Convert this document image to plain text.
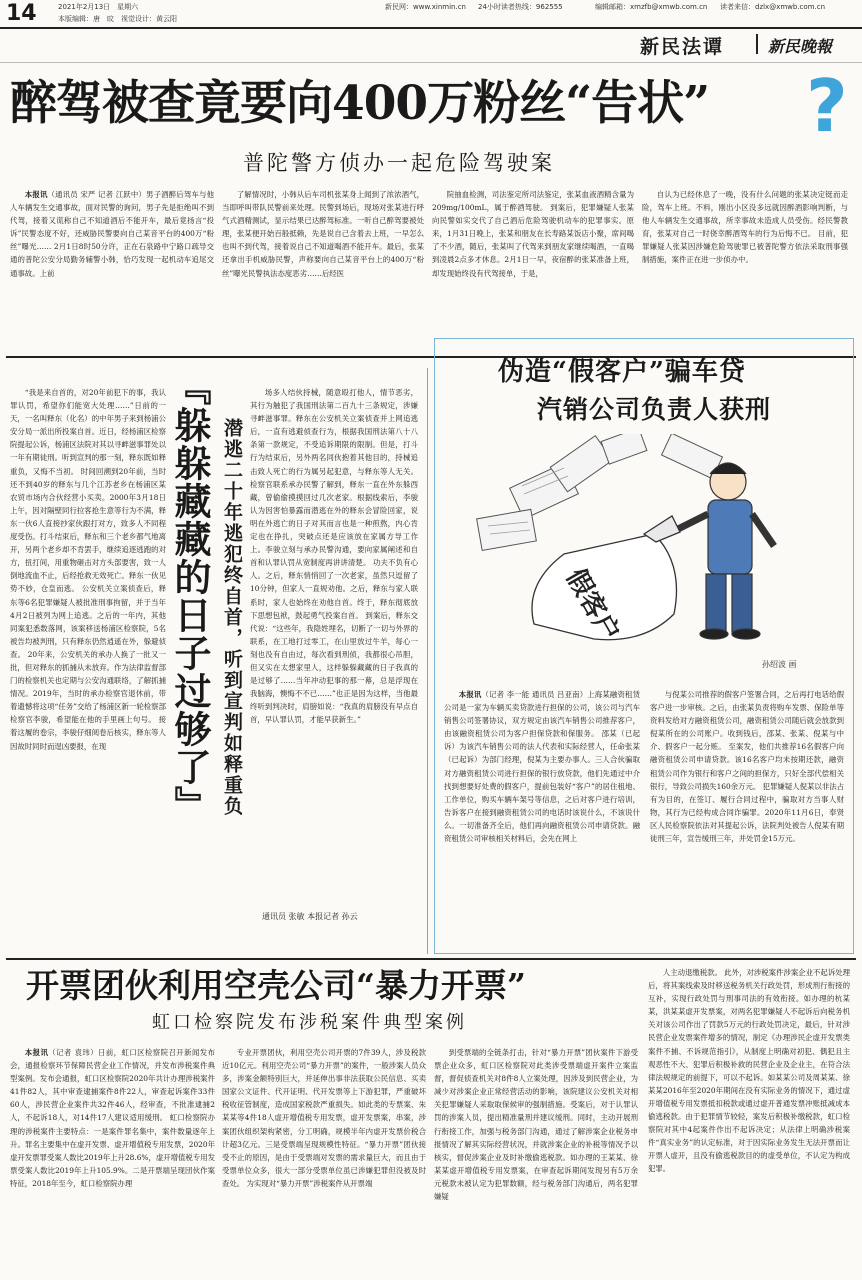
14	2021年2月13日　星期六
本版编辑：唐　旼　视觉设计：黄云阳
新民网：www.xinmin.cn 24小时读者热线：962555	编辑邮箱：xmzfb@xmwb.com.cn 读者来信：dzlx@xmwb.com.cn
新民法谭	新民晚報
醉驾被查竟要向400万粉丝“告状” ?
普陀警方侦办一起危险驾驶案

本报讯（通讯员 宋严 记者 江跃中）男子酒醉后驾车与他人车辆发生交通事故，面对民警的询问，男子先是拒绝叫不到代驾，接着又谎称自己不知道酒后不能开车，最后竟扬言“投诉”民警态度不好，还威胁民警要向自己某音平台的400万“粉丝”曝光…… 2月1日8时50分许，正在石泉路中宁路口疏导交通的普陀公安分局勤务辅警小韩，恰巧发现一起机动车追尾交通事故。上前

了解情况时，小韩从后车司机张某身上闻到了浓浓酒气，当即呼叫带队民警前来处理。民警到场后，现场对张某进行呼气式酒精测试，显示结果已达醉驾标准。一听自己醉驾要被处理，张某便开始百般抵赖，先是说自己含着去上班，一早怎么也叫不到代驾，接着说自己不知道喝酒不能开车。最后，张某还拿出手机威胁民警，声称要向自己某音平台上的400万“粉丝”曝光民警执法态度恶劣……后经医

院抽血检测，司法鉴定所司法鉴定，张某血液酒精含量为209mg/100mL，属于醉酒驾驶。 到案后，犯罪嫌疑人张某向民警如实交代了自己酒后危险驾驶机动车的犯罪事实。原来，1月31日晚上，张某和朋友在长寿路某饭店小聚，席间喝了不少酒，随后，张某叫了代驾来到朋友家继续喝酒，一直喝到凌晨2点多才休息。2月1日一早，夜宿醉的张某准备上班，却发现始终没有代驾接单，于是，

自认为已经休息了一晚，没有什么问题的张某决定铤而走险，驾车上班。不料，刚出小区没多远就因醉酒影响判断，与他人车辆发生交通事故，所幸事故未造成人员受伤。经民警教育，张某对自己一时侥幸醉酒驾车的行为后悔不已。 目前，犯罪嫌疑人张某因涉嫌危险驾驶罪已被普陀警方依法采取刑事强制措施，案件正在进一步侦办中。

“我是来自首的，对20年前犯下的事，我认罪认罚，希望你们能宽大处理……”日前的一天，一名叫释东（化名）的中年男子来到杨浦公安分局一派出所投案自首。近日，经杨浦区检察院提起公诉，杨浦区法院对其以寻衅滋事罪处以一年有期徒刑。听到宣判的那一刻，释东既如释重负，又悔不当初。 时间回溯到20年前，当时还不到40岁的释东与几个江苏老乡在杨浦区某农贸市场内合伙经营小买卖。2000年3月18日上午，因对隔壁同行拉客抢生意等行为不满，释东一伙6人直接抄家伙跟打对方，致多人不同程度受伤。打斗结束后，释东和三个老乡都气地离开，另两个老乡却不肯罢手，继续追逐逃跑的对方，扭打间，用重物砸击对方头部要害，致一人倒地流血不止，后经抢救无效死亡。释东一伙见势不妙，仓皇而逃。 公安机关立案侦查后，释东等6名犯罪嫌疑人被批准刑事拘留，并于当年4月2日被列为网上追逃。之后的一年内，其他同案犯悉数落网，该案移送杨浦区检察院，5名被告均被判刑，只有释东仍然逍遥在外，躲避侦查。 20年来，公安机关的承办人换了一批又一批，但对释东的抓捕从未放弃。作为法律监督部门的检察机关也定期与公安沟通联络，了解抓捕情况。2019年，当时的承办检察官退休前，带着遗憾将这项“任务”交给了杨浦区新一轮检察部检察官李骏，希望能在他的手里画上句号。 接着这履的卷宗，李骏仔细阅卷后核实，释东等人因故时同时而逞凶要报，在现	『躲躲藏藏的日子过够了』 潜逃二十年逃犯终自首，听到宣判如释重负

场多人结伙持械，随意殴打他人，情节恶劣，其行为触犯了我国刑法第二百九十三条规定，涉嫌寻衅滋事罪。释东在公安机关立案侦查并上网追逃后，一直有逃避侦查行为，根据我国刑法第八十八条第一款规定，不受追诉期限的限制。但是，打斗行为结束后，另外两名同伙抱着其他目的，持械追击致人死亡的行为属另起犯意，与释东等人无关。 检察官联系承办民警了解到，释东一直在外东躲西藏，曾偷偷摸摸回过几次老家。根据线索后，李骏认为因害怕暴露而潜逃在外的释东会冒险回家，说明在外逃亡的日子对其而言也是一种煎熬，内心肯定也在挣扎，突破点还是应该放在家属方导工作上。李骏立刻与承办民警沟通，要向家属阐述和自首和认罪认罚从宽制度再讲讲清楚。 功夫不负有心人。之后，释东悄悄回了一次老家，虽然只逗留了10分钟，但家人一直规劝他。之后，释东与家人联系时，家人也始终在劝他自首。终于，释东彻底放下思想包袱，鼓起勇气投案自首。 到案后，释东交代说：“这些年，我隐姓埋名，切断了一切与外界的联系，在工地打过零工，在山里放过牛羊，每心一刻也没有自由过，每次看到刑侦，我都很心吊胆，但又实在太想家里人，这样躲躲藏藏的日子我真的是过够了……当年冲动犯事的那一幕，总是浮现在我脑海，懊悔不不已……”也正是因为这样，当他最终听到判决时，肩膀如说：“我真的肩膀没有早点自首，早认罪认罚，才能早获新生。”

通讯员 张敏 本报记者 孙云
伪造“假客户”骗车贷
汽销公司负责人获刑
假客户
孙绍波 画

本报讯（记者 李一能 通讯员 吕亚南）上海某融资租赁公司是一家为车辆买卖贷款进行担保的公司，该公司与汽车销售公司签署协议，双方规定由该汽车销售公司推荐客户，由该融资租赁公司为客户担保贷款和保服务。 邵某（已起诉）为该汽车销售公司的法人代表和实际经营人，任命张某（已起诉）为部门经理，倪某为主要办事人。三人合伙骗取对方融资租赁公司进行担保的银行放贷款，他们先通过中介找到想要好处费的假客户，提前包装好“客户”的居住租地、工作单位，购买车辆车架号等信息，之后对客户进行培训，告诉客户在接到融资租赁公司的电话时该说什么，不该说什么。一切准备齐全后，他们再向融资租赁公司申请贷款。融资租赁公司审核相关材料后，会先在网上

与倪某公司推荐的假客户签署合同，之后再打电话给假客户进一步审核。之后，由张某负责将购车发票、保险单等资料发给对方融资租赁公司，融资租赁公司随后就会放款到倪某所在的公司账户。收到钱后，邵某、张某、倪某与中介、假客户一起分赃。 至案发，他们共推荐16名假客户向融资租赁公司申请贷款。该16名客户均未按期还款，融资租赁公司作为银行和客户之间的担保方，只好全部代偿相关银行，导致公司损失160余万元。 犯罪嫌疑人倪某以非法占有为目的，在签订、履行合同过程中，骗取对方当事人财物，其行为已经构成合同诈骗罪。2020年11月6日，奉贤区人民检察院依法对其提起公诉，法院判处被告人倪某有期徒刑三年，宣告缓刑三年，并处罚金15万元。

开票团伙利用空壳公司“暴力开票”
虹口检察院发布涉税案件典型案例

本报讯（记者 袁玮）日前，虹口区检察院召开新闻发布会，通报检察环节保障民营企业工作情况，并发布涉税案件典型案例。发布会通报，虹口区检察院2020年共计办理涉税案件41件82人，其中审查逮捕案件8件22人，审查起诉案件33件60人，涉民营企业案件共32件46人，经审查，不批准逮捕2人，不起诉18人，对14件17人建议适用缓刑。 虹口检察院办理的涉税案件主要特点：一是案件罪名集中，案件数量逐年上升。罪名主要集中在虚开发票、虚开增值税专用发票，2020年虚开发票罪受案人数比2019年上升28.6%，虚开增值税专用发票受案人数比2019年上升105.9%。二是开票端呈现団伙作案特征，2018年至今，虹口检察院办理

专业开票团伙，利用空壳公司开票的7件39人，涉及税款近10亿元。利用空壳公司“暴力开票”的案件，一般涉案人员众多，涉案金额特别巨大，并延伸出事非法获取公民信息、买卖国家公文证件、代开证明、代开发票等上下游犯罪，严重破坏税收征管制度，造成国家税款严重损失。如此类的专票案、朱某某等4件18人虚开增值税专用发票，虚开发票案，串案，涉案团伙组织架构紧密，分工明确，规模半年内虚开发票价税合计超3亿元。三是受票端呈现规模性特征。“暴力开票”团伙接受不止的原因，是由于受票端对发票的需求量巨大，而且由于受票单位众多，很大一部分受票单位虽已涉嫌犯罪但没被及时查处。 为实现对“暴力开票”涉税案件从开票端

到受票端的全链条打击，针对“暴力开票”团伙案件下游受票企业众多，虹口区检察院对此类涉受票端虚开案件立案监督，督促侦查机关对8件8人立案处理，因涉及到民营企业，为减少对涉案企业正常经营活动的影响，该院建议公安机关对相关犯罪嫌疑人采取取保候审的强制措施。受案后，对于认罪认罚的涉案人员，提出精准量刑并建议缓刑。同时，主动开展刑行衔接工作，加强与税务部门沟通，通过了解涉案企业税务申报情况了解其实际经营状况，并就涉案企业的补税等情况予以核实，督促涉案企业及时补缴偷逃税款。如办理的王某某、徐某某虚开增值税专用发票案，在审查起诉期间发现另有5万余元税款未被认定为犯罪数额，经与税务部门沟通后，两名犯罪嫌疑

人主动退缴税款。 此外，对涉税案件涉案企业不起诉处理后，将其案线索及时移送税务机关行政处罚，形成刑行衔接的互补，实现行政处罚与刑事司法的有效衔接。如办理的杭某某，洪某某虚开发票案，对两名犯罪嫌疑人不起诉后向税务机关对该公司作出了罚款5万元的行政处罚决定，最后，针对涉民营企业发票案件增多的情况，制定《办理涉民企虚开发票类案件不捕、不诉规范指引》，从制度上明确对初犯、偶犯且主观恶性不大、犯罪后积极补救的民营企业及企业主，在符合法律法规规定的前提下，可以不起诉。如某某公司及周某某、徐某某2016年至2020年期间在没有实际业务的情况下，通过虚开增值税专用发票抵扣税款或通过虚开普通发票冲账抵减成本偷逃税款。由于犯罪情节较轻，案发后积极补缴税款，虹口检察院对其中4起案件作出不起诉决定；从法律上明确涉税案件“真实业务”的认定标准，对于因实际业务发生无法开票而让开票人虚开，且没有偷逃税款目的的虚受单位，不认定为构成犯罪。
